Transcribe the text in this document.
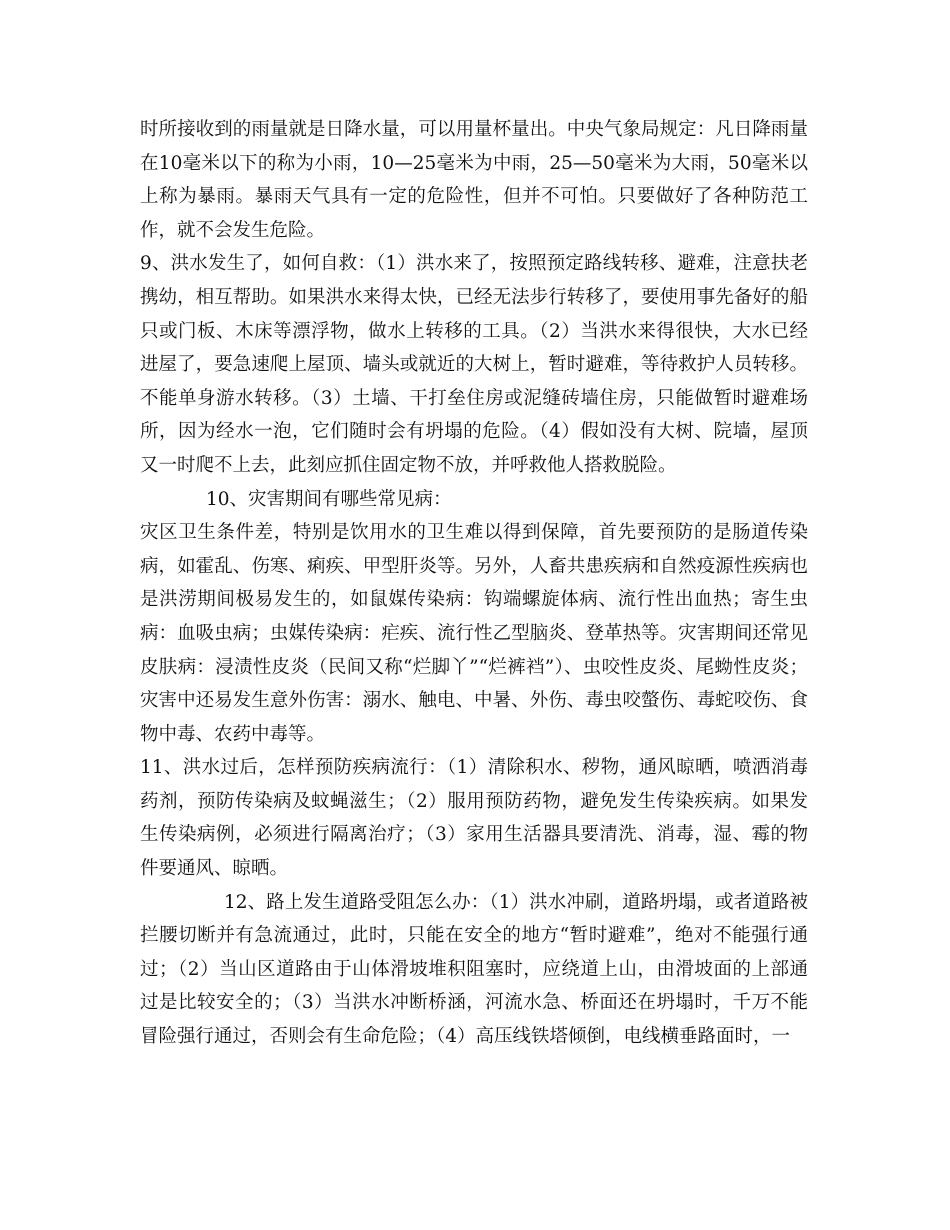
时所接收到的雨量就是日降水量，可以用量杯量出。中央气象局规定：凡日降雨量在10毫米以下的称为小雨，10—25毫米为中雨，25—50毫米为大雨，50毫米以上称为暴雨。暴雨天气具有一定的危险性，但并不可怕。只要做好了各种防范工作，就不会发生危险。

9、洪水发生了，如何自救：（1）洪水来了，按照预定路线转移、避难，注意扶老携幼，相互帮助。如果洪水来得太快，已经无法步行转移了，要使用事先备好的船只或门板、木床等漂浮物，做水上转移的工具。（2）当洪水来得很快，大水已经进屋了，要急速爬上屋顶、墙头或就近的大树上，暂时避难，等待救护人员转移。不能单身游水转移。（3）土墙、干打垒住房或泥缝砖墙住房，只能做暂时避难场所，因为经水一泡，它们随时会有坍塌的危险。（4）假如没有大树、院墙，屋顶又一时爬不上去，此刻应抓住固定物不放，并呼救他人搭救脱险。

10、灾害期间有哪些常见病：

灾区卫生条件差，特别是饮用水的卫生难以得到保障，首先要预防的是肠道传染病，如霍乱、伤寒、痢疾、甲型肝炎等。另外，人畜共患疾病和自然疫源性疾病也是洪涝期间极易发生的，如鼠媒传染病：钩端螺旋体病、流行性出血热；寄生虫病：血吸虫病；虫媒传染病：疟疾、流行性乙型脑炎、登革热等。灾害期间还常见皮肤病：浸渍性皮炎（民间又称“烂脚丫”“烂裤裆”）、虫咬性皮炎、尾蚴性皮炎；灾害中还易发生意外伤害：溺水、触电、中暑、外伤、毒虫咬螫伤、毒蛇咬伤、食物中毒、农药中毒等。

11、洪水过后，怎样预防疾病流行：（1）清除积水、秽物，通风晾晒，喷洒消毒药剂，预防传染病及蚊蝇滋生；（2）服用预防药物，避免发生传染疾病。如果发生传染病例，必须进行隔离治疗；（3）家用生活器具要清洗、消毒，湿、霉的物件要通风、晾晒。

12、路上发生道路受阻怎么办：（1）洪水冲刷，道路坍塌，或者道路被拦腰切断并有急流通过，此时，只能在安全的地方“暂时避难”，绝对不能强行通过；（2）当山区道路由于山体滑坡堆积阻塞时，应绕道上山，由滑坡面的上部通过是比较安全的；（3）当洪水冲断桥涵，河流水急、桥面还在坍塌时，千万不能冒险强行通过，否则会有生命危险；（4）高压线铁塔倾倒，电线横垂路面时，一
